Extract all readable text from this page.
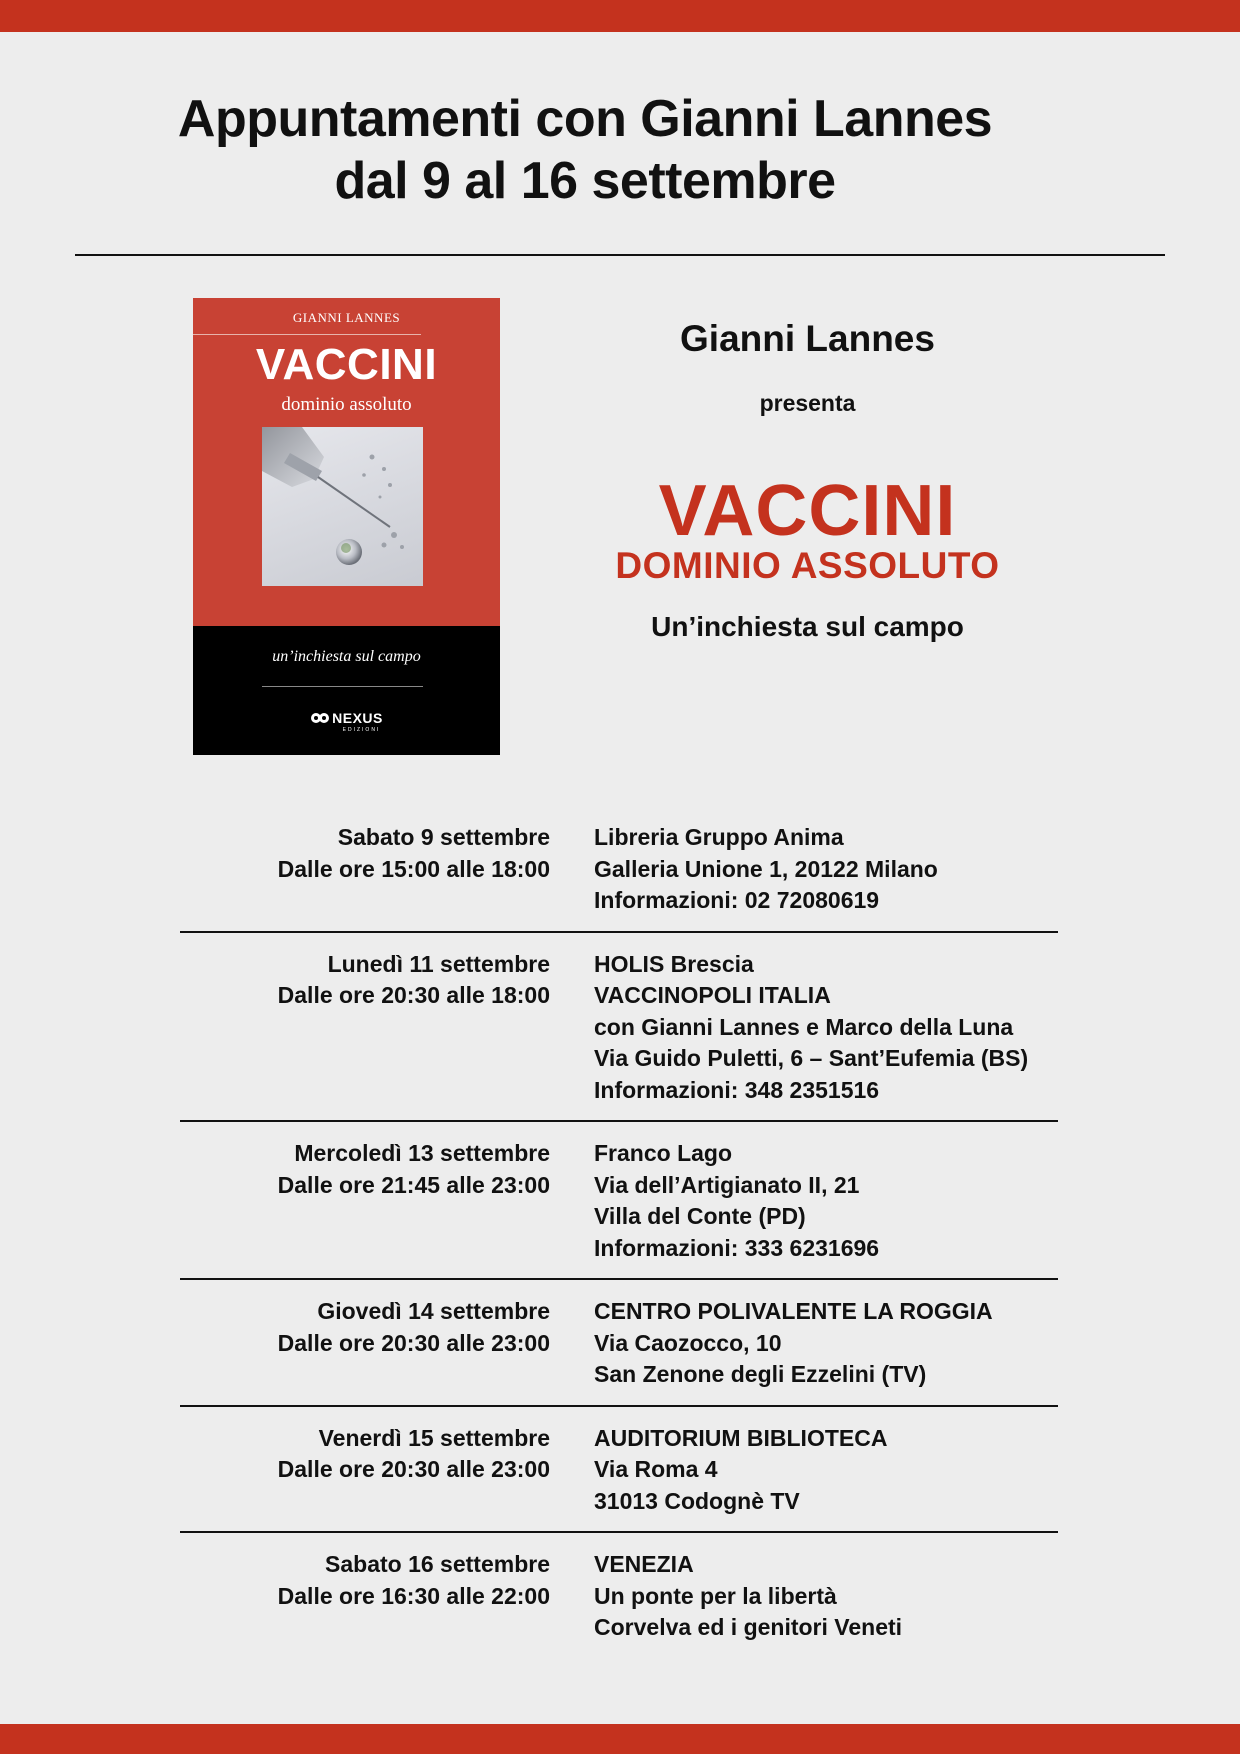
Appuntamenti con Gianni Lannes
dal 9 al 16 settembre
GIANNI LANNES
VACCINI
dominio assoluto
un’inchiesta sul campo
NEXUS
EDIZIONI
Gianni Lannes
presenta
VACCINI
DOMINIO ASSOLUTO
Un’inchiesta sul campo
Sabato 9 settembre
Dalle ore 15:00 alle 18:00
Libreria Gruppo Anima
Galleria Unione 1, 20122 Milano
Informazioni: 02 72080619
Lunedì 11 settembre
Dalle ore 20:30 alle 18:00
HOLIS Brescia
VACCINOPOLI ITALIA
con Gianni Lannes e Marco della Luna
Via Guido Puletti, 6 – Sant’Eufemia (BS)
Informazioni: 348 2351516
Mercoledì 13 settembre
Dalle ore 21:45 alle 23:00
Franco Lago
Via dell’Artigianato II, 21
Villa del Conte (PD)
Informazioni: 333 6231696
Giovedì 14 settembre
Dalle ore 20:30 alle 23:00
CENTRO POLIVALENTE LA ROGGIA
Via Caozocco, 10
San Zenone degli Ezzelini (TV)
Venerdì 15 settembre
Dalle ore 20:30 alle 23:00
AUDITORIUM BIBLIOTECA
Via Roma 4
31013 Codognè TV
Sabato 16 settembre
Dalle ore 16:30 alle 22:00
VENEZIA
Un ponte per la libertà
Corvelva ed i genitori Veneti
